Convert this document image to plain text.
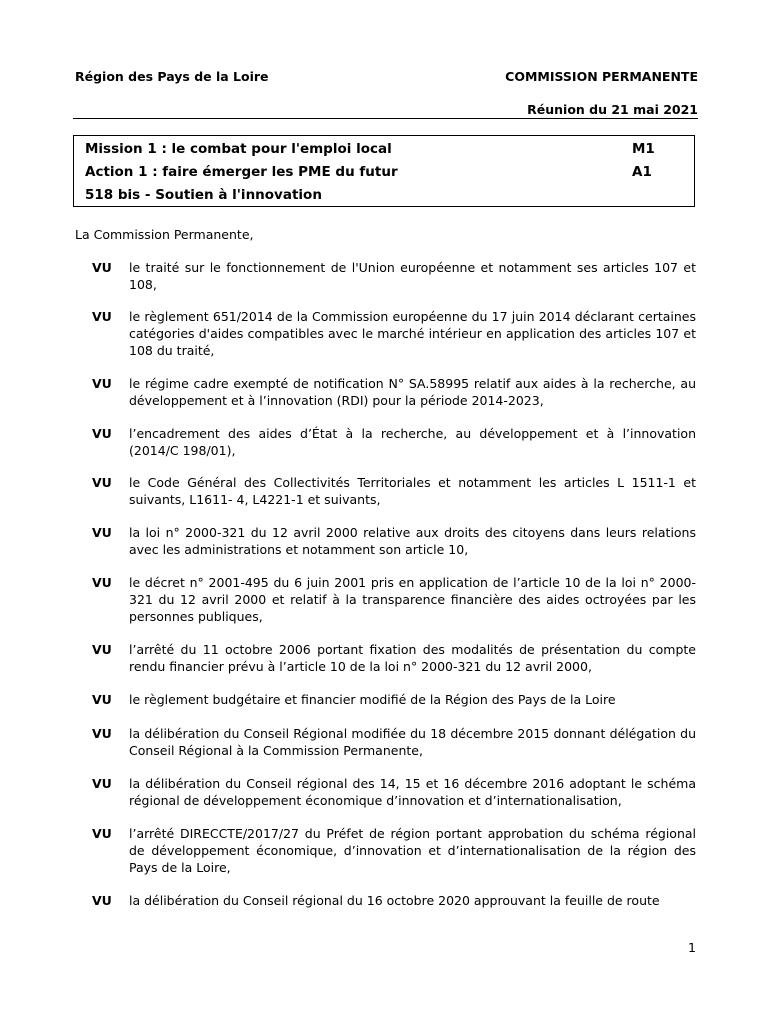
Région des Pays de la Loire	COMMISSION PERMANENTE
Réunion du 21 mai 2021
Mission 1 : le combat pour l'emploi local	M1
Action 1 : faire émerger les PME du futur	A1
518 bis - Soutien à l'innovation
La Commission Permanente,
VU le traité sur le fonctionnement de l'Union européenne et notamment ses articles 107 et 108,
VU le règlement 651/2014 de la Commission européenne du 17 juin 2014 déclarant certaines catégories d'aides compatibles avec le marché intérieur en application des articles 107 et 108 du traité,
VU le régime cadre exempté de notification N° SA.58995 relatif aux aides à la recherche, au développement et à l’innovation (RDI) pour la période 2014-2023,
VU l’encadrement des aides d’État à la recherche, au développement et à l’innovation (2014/C 198/01),
VU le Code Général des Collectivités Territoriales et notamment les articles L 1511-1 et suivants, L1611- 4, L4221-1 et suivants,
VU la loi n° 2000-321 du 12 avril 2000 relative aux droits des citoyens dans leurs relations avec les administrations et notamment son article 10,
VU le décret n° 2001-495 du 6 juin 2001 pris en application de l’article 10 de la loi n° 2000-321 du 12 avril 2000 et relatif à la transparence financière des aides octroyées par les personnes publiques,
VU l’arrêté du 11 octobre 2006 portant fixation des modalités de présentation du compte rendu financier prévu à l’article 10 de la loi n° 2000-321 du 12 avril 2000,
VU le règlement budgétaire et financier modifié de la Région des Pays de la Loire
VU la délibération du Conseil Régional modifiée du 18 décembre 2015 donnant délégation du Conseil Régional à la Commission Permanente,
VU la délibération du Conseil régional des 14, 15 et 16 décembre 2016 adoptant le schéma régional de développement économique d’innovation et d’internationalisation,
VU l’arrêté DIRECCTE/2017/27 du Préfet de région portant approbation du schéma régional de développement économique, d’innovation et d’internationalisation de la région des Pays de la Loire,
VU la délibération du Conseil régional du 16 octobre 2020 approuvant la feuille de route
1
